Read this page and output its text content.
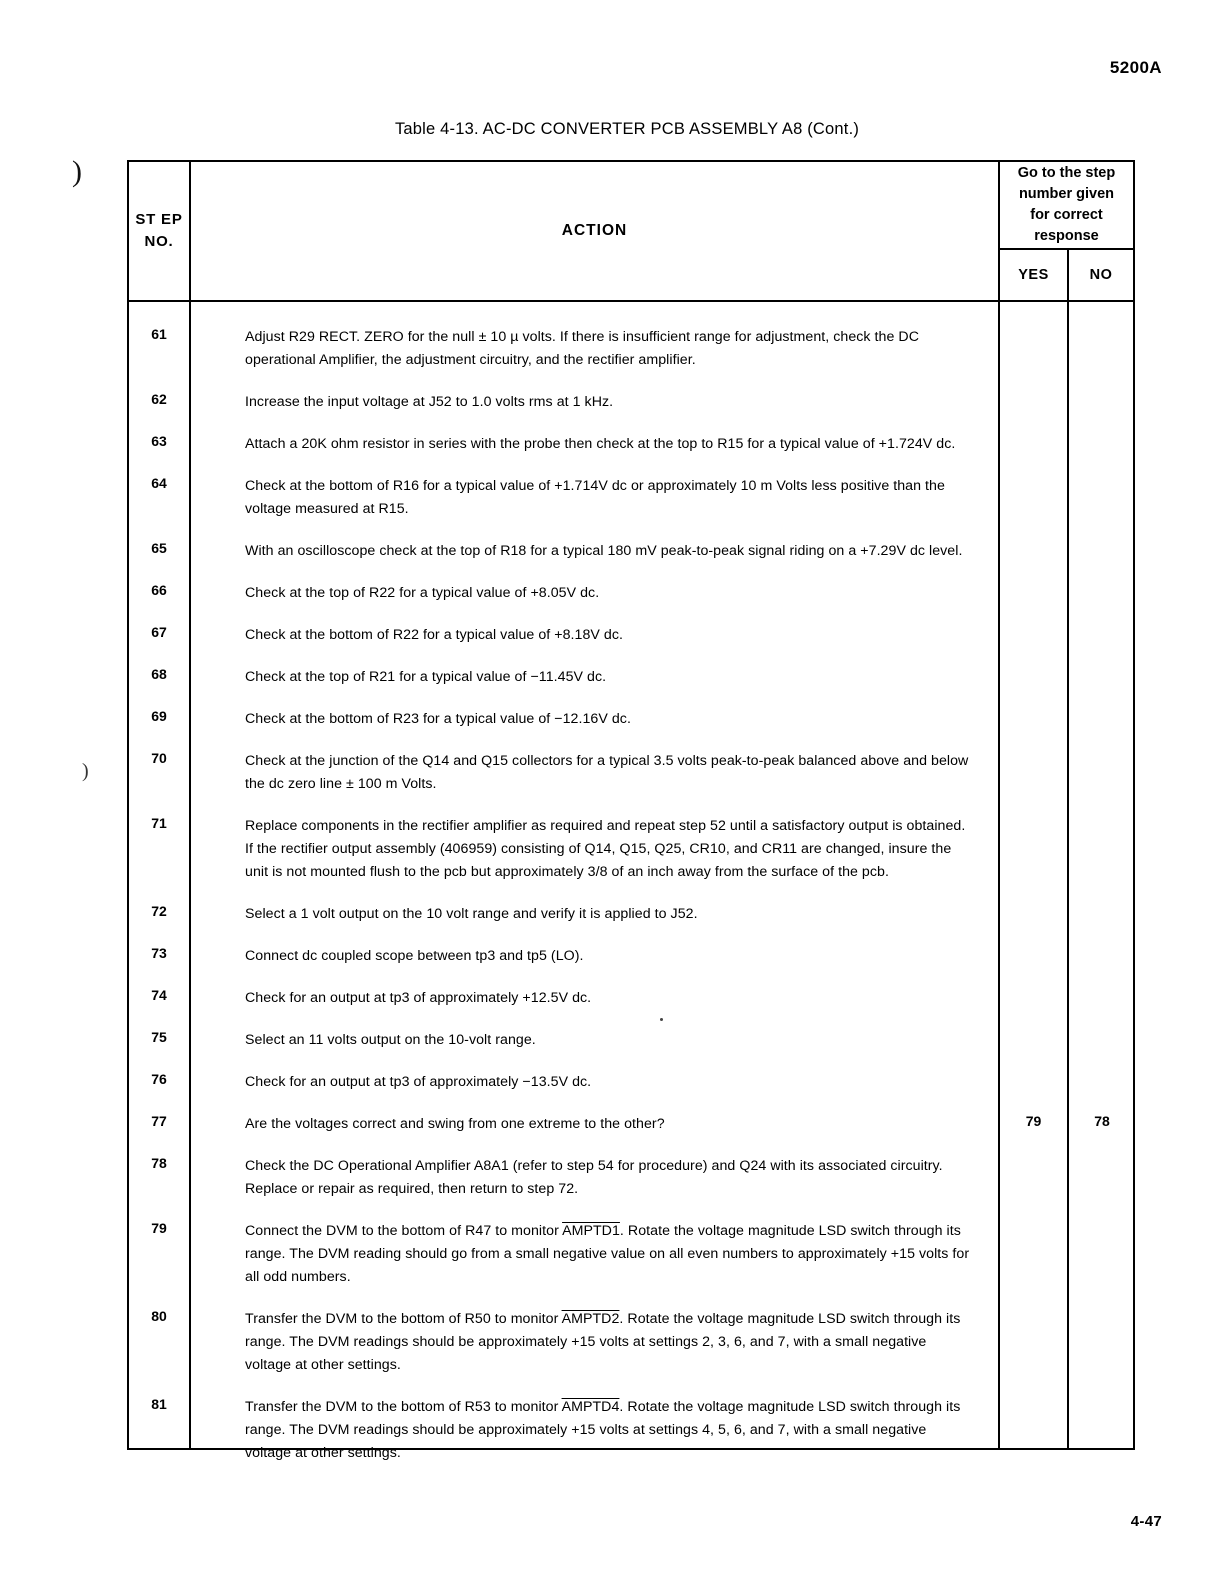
5200A
Table 4-13. AC-DC CONVERTER PCB ASSEMBLY A8 (Cont.)
)
)
ST EP
NO.
ACTION
Go to the step number given for correct response
YES	NO
61	Adjust R29 RECT. ZERO for the null ± 10 µ volts. If there is insufficient range for adjustment, check the DC operational Amplifier, the adjustment circuitry, and the rectifier amplifier.
62	Increase the input voltage at J52 to 1.0 volts rms at 1 kHz.
63	Attach a 20K ohm resistor in series with the probe then check at the top to R15 for a typical value of +1.724V dc.
64	Check at the bottom of R16 for a typical value of +1.714V dc or approximately 10 m Volts less positive than the voltage measured at R15.
65	With an oscilloscope check at the top of R18 for a typical 180 mV peak-to-peak signal riding on a +7.29V dc level.
66	Check at the top of R22 for a typical value of +8.05V dc.
67	Check at the bottom of R22 for a typical value of +8.18V dc.
68	Check at the top of R21 for a typical value of −11.45V dc.
69	Check at the bottom of R23 for a typical value of −12.16V dc.
70	Check at the junction of the Q14 and Q15 collectors for a typical 3.5 volts peak-to-peak balanced above and below the dc zero line ± 100 m Volts.
71	Replace components in the rectifier amplifier as required and repeat step 52 until a satisfactory output is obtained. If the rectifier output assembly (406959) consisting of Q14, Q15, Q25, CR10, and CR11 are changed, insure the unit is not mounted flush to the pcb but approximately 3/8 of an inch away from the surface of the pcb.
72	Select a 1 volt output on the 10 volt range and verify it is applied to J52.
73	Connect dc coupled scope between tp3 and tp5 (LO).
74	Check for an output at tp3 of approximately +12.5V dc.
75	Select an 11 volts output on the 10-volt range.
76	Check for an output at tp3 of approximately −13.5V dc.
77	Are the voltages correct and swing from one extreme to the other?	79	78
78	Check the DC Operational Amplifier A8A1 (refer to step 54 for procedure) and Q24 with its associated circuitry. Replace or repair as required, then return to step 72.
79	Connect the DVM to the bottom of R47 to monitor AMPTD1. Rotate the voltage magnitude LSD switch through its range. The DVM reading should go from a small negative value on all even numbers to approximately +15 volts for all odd numbers.
80	Transfer the DVM to the bottom of R50 to monitor AMPTD2. Rotate the voltage magnitude LSD switch through its range. The DVM readings should be approximately +15 volts at settings 2, 3, 6, and 7, with a small negative voltage at other settings.
81	Transfer the DVM to the bottom of R53 to monitor AMPTD4. Rotate the voltage magnitude LSD switch through its range. The DVM readings should be approximately +15 volts at settings 4, 5, 6, and 7, with a small negative voltage at other settings.
4-47
